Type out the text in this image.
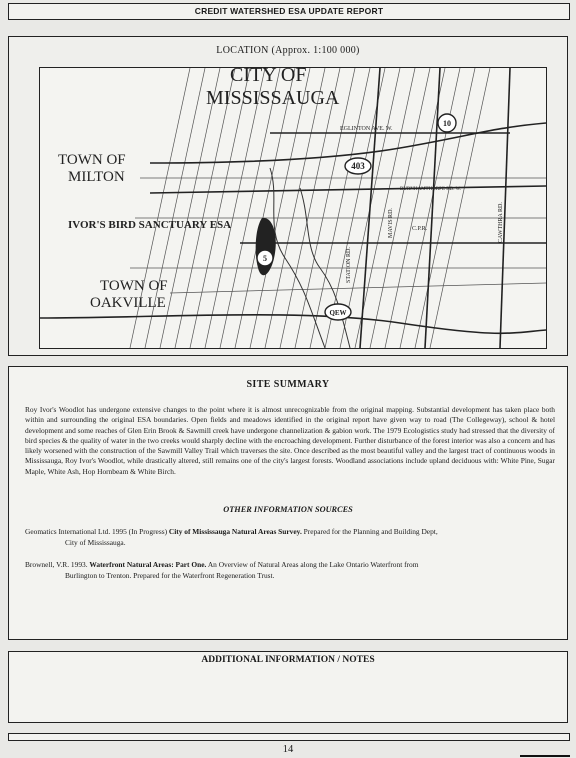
CREDIT WATERSHED ESA UPDATE REPORT
LOCATION (Approx. 1:100 000)
CITY OF
MISSISSAUGA
TOWN OF
MILTON
TOWN OF
OAKVILLE
IVOR'S BIRD SANCTUARY ESA
403
10
5
QEW
EGLINTON AVE. W.
BURNHAMTHORPE RD. W.
C.P.R.
MAVIS RD.	CAWTHRA RD.
STATION RD.
SITE SUMMARY
Roy Ivor's Woodlot has undergone extensive changes to the point where it is almost unrecognizable from the original mapping. Substantial development has taken place both within and surrounding the original ESA boundaries. Open fields and meadows identified in the original report have given way to road (The Collegeway), school & hotel development and some reaches of Glen Erin Brook & Sawmill creek have undergone channelization & gabion work. The 1979 Ecologistics study had stressed that the diversity of bird species & the quality of water in the two creeks would sharply decline with the encroaching development. Further disturbance of the forest interior was also a concern and has likely worsened with the construction of the Sawmill Valley Trail which traverses the site. Once described as the most beautiful valley and the largest tract of continuous woods in Mississauga, Roy Ivor's Woodlot, while drastically altered, still remains one of the city's largest forests. Woodland associations include upland deciduous with: White Pine, Sugar Maple, White Ash, Hop Hornbeam & White Birch.
OTHER INFORMATION SOURCES
Geomatics International Ltd. 1995 (In Progress) City of Mississauga Natural Areas Survey. Prepared for the Planning and Building Dept,
City of Mississauga.
Brownell, V.R. 1993. Waterfront Natural Areas: Part One. An Overview of Natural Areas along the Lake Ontario Waterfront from
Burlington to Trenton. Prepared for the Waterfront Regeneration Trust.
ADDITIONAL INFORMATION / NOTES
14
